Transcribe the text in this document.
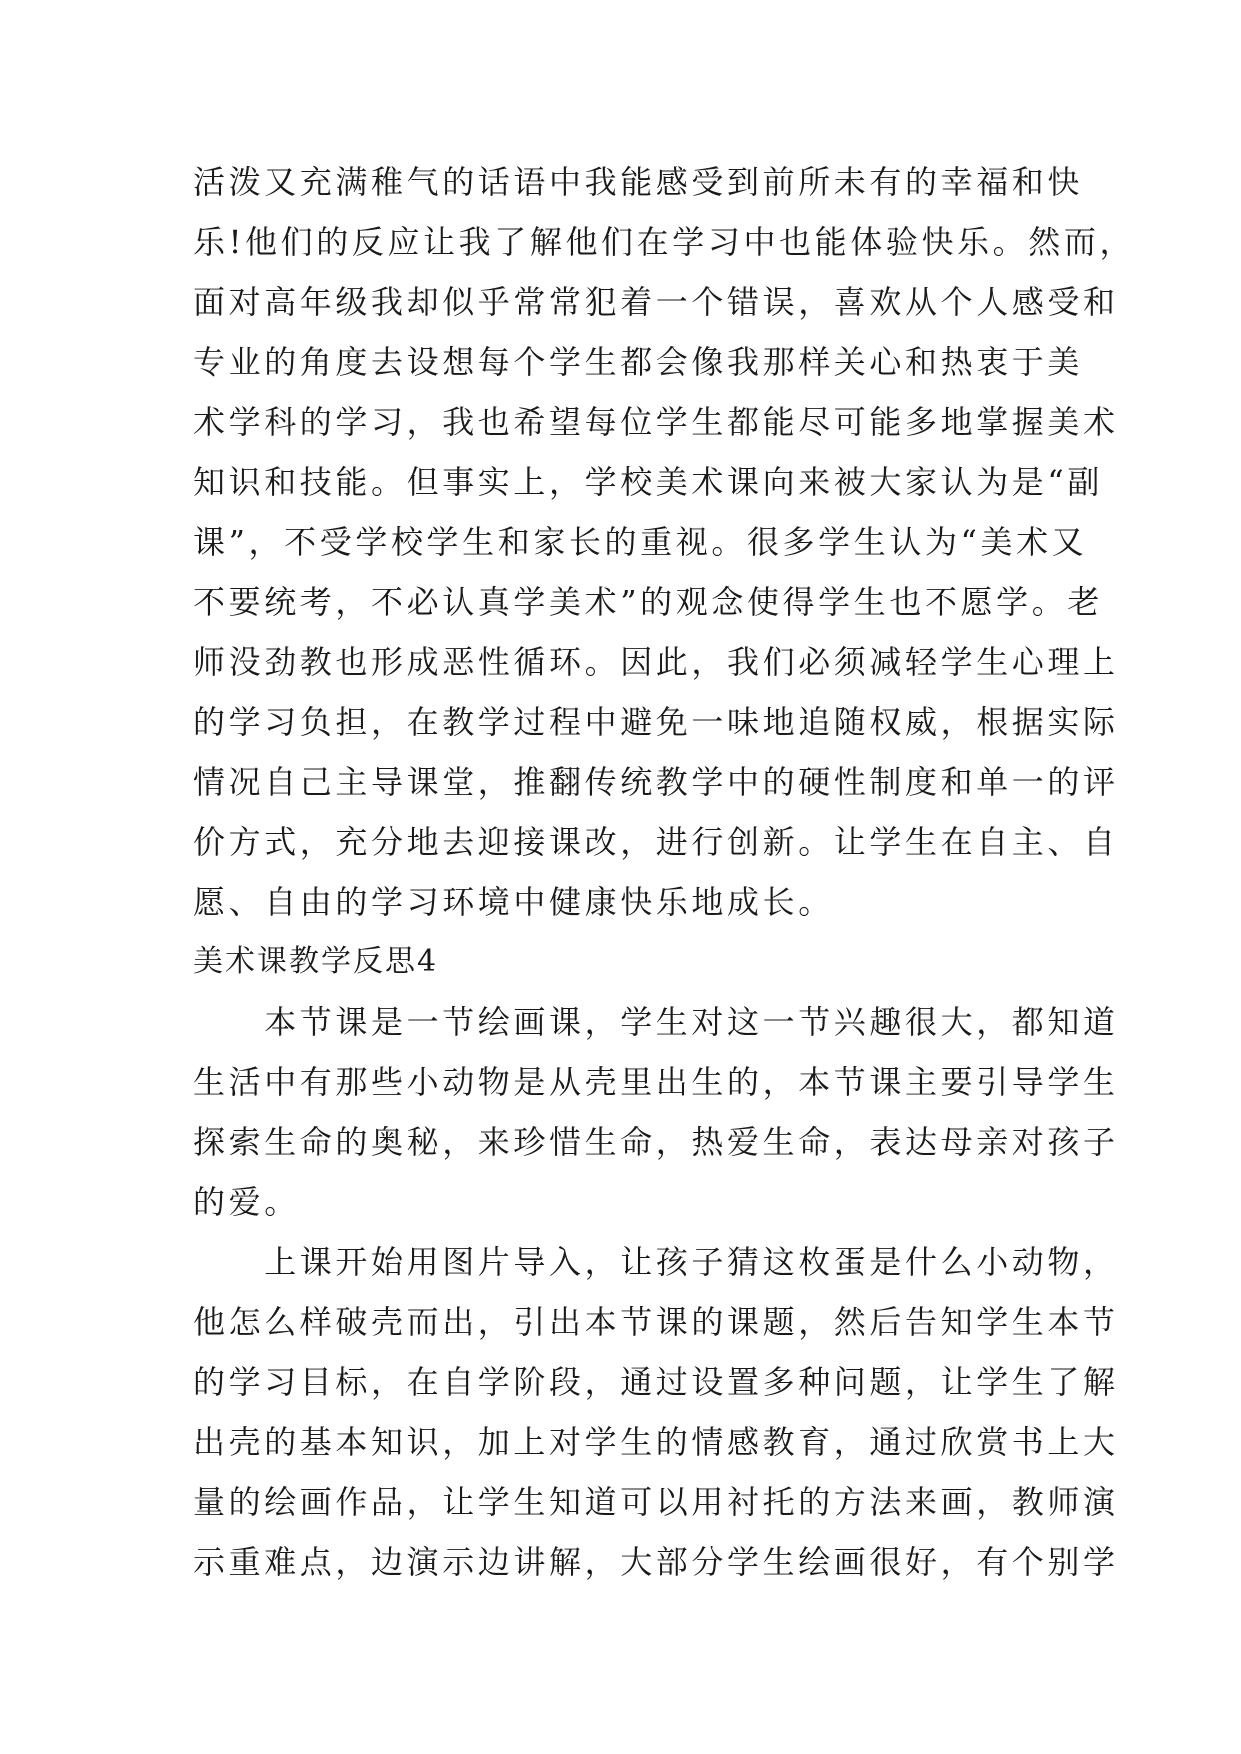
活泼又充满稚气的话语中我能感受到前所未有的幸福和快
乐!他们的反应让我了解他们在学习中也能体验快乐。然而，
面对高年级我却似乎常常犯着一个错误，喜欢从个人感受和
专业的角度去设想每个学生都会像我那样关心和热衷于美
术学科的学习，我也希望每位学生都能尽可能多地掌握美术
知识和技能。但事实上，学校美术课向来被大家认为是“副
课”，不受学校学生和家长的重视。很多学生认为“美术又
不要统考，不必认真学美术”的观念使得学生也不愿学。老
师没劲教也形成恶性循环。因此，我们必须减轻学生心理上
的学习负担，在教学过程中避免一味地追随权威，根据实际
情况自己主导课堂，推翻传统教学中的硬性制度和单一的评
价方式，充分地去迎接课改，进行创新。让学生在自主、自
愿、自由的学习环境中健康快乐地成长。
美术课教学反思4
　　本节课是一节绘画课，学生对这一节兴趣很大，都知道
生活中有那些小动物是从壳里出生的，本节课主要引导学生
探索生命的奥秘，来珍惜生命，热爱生命，表达母亲对孩子
的爱。
　　上课开始用图片导入，让孩子猜这枚蛋是什么小动物，
他怎么样破壳而出，引出本节课的课题，然后告知学生本节
的学习目标，在自学阶段，通过设置多种问题，让学生了解
出壳的基本知识，加上对学生的情感教育，通过欣赏书上大
量的绘画作品，让学生知道可以用衬托的方法来画，教师演
示重难点，边演示边讲解，大部分学生绘画很好，有个别学
